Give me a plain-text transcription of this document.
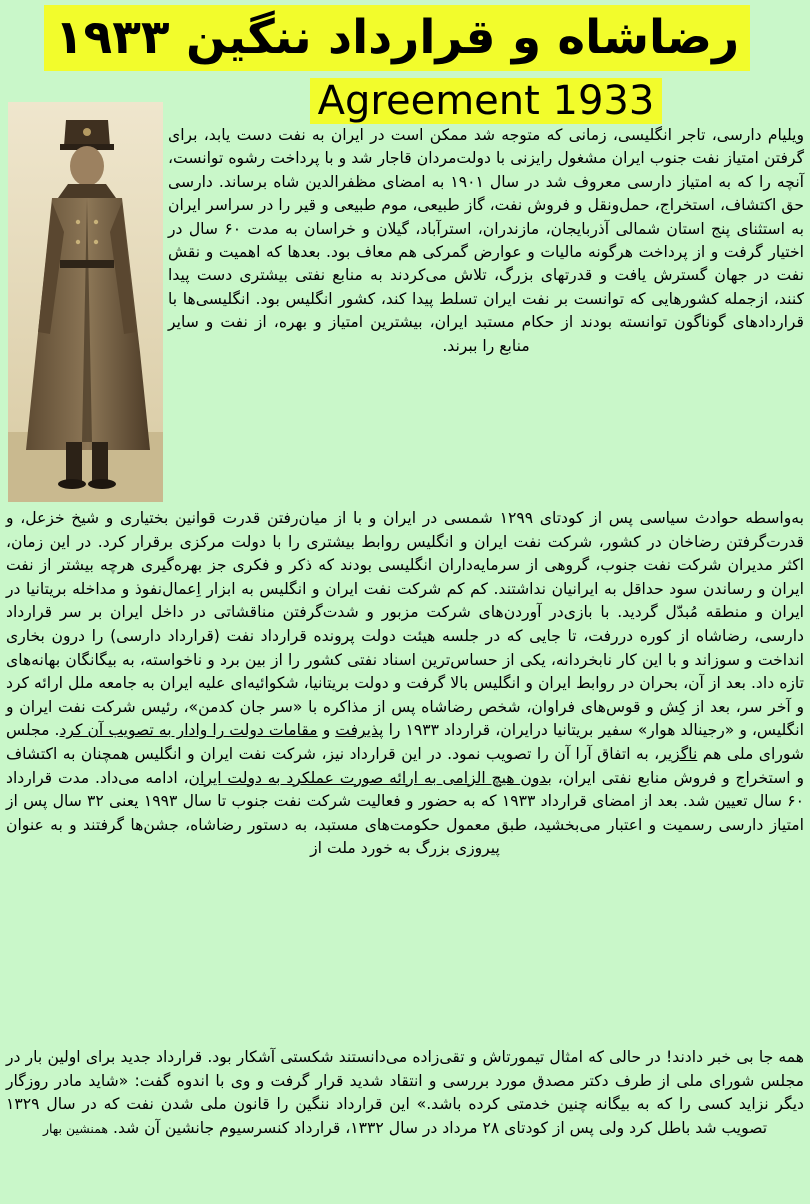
رضاشاه و قرارداد ننگین ۱۹۳۳
Agreement 1933
ویلیام دارسی، تاجر انگلیسی، زمانی که متوجه شد ممکن است در ایران به نفت دست یابد، برای گرفتن امتیاز نفت جنوب ایران مشغول رایزنی با دولت‌مردان قاجار شد و با پرداخت رشوه توانست، آنچه را که به امتیاز دارسی معروف شد در سال ۱۹۰۱ به امضای مظفرالدین شاه برساند. دارسی حق اکتشاف، استخراج، حمل‌ونقل و فروش نفت، گاز طبیعی، موم طبیعی و قیر را در سراسر ایران به استثنای پنج استان شمالی آذربایجان، مازندران، استرآباد، گیلان و خراسان به مدت ۶۰ سال در اختیار گرفت و از پرداخت هرگونه مالیات و عوارض گمرکی هم معاف بود. بعدها که اهمیت و نقش نفت در جهان گسترش یافت و قدرتهای بزرگ، تلاش می‌کردند به منابع نفتی بیشتری دست پیدا کنند، ازجمله کشورهایی که توانست بر نفت ایران تسلط پیدا کند، کشور انگلیس بود. انگلیسی‌ها با قراردادهای گوناگون توانسته بودند از حکام مستبد ایران، بیشترین امتیاز و بهره، از نفت و سایر منابع را ببرند.
به‌واسطه حوادث سیاسی پس از کودتای ۱۲۹۹ شمسی در ایران و با از میان‌رفتن قدرت قوانین بختیاری و شیخ خزعل، و قدرت‌گرفتن رضاخان در کشور، شرکت نفت ایران و انگلیس روابط بیشتری را با دولت مرکزی برقرار کرد. در این زمان، اکثر مدیران شرکت نفت جنوب، گروهی از سرمایه‌داران انگلیسی بودند که ذکر و فکری جز بهره‌گیری هرچه بیشتر از نفت ایران و رساندن سود حداقل به ایرانیان نداشتند. کم کم شرکت نفت ایران و انگلیس به ابزار اِعمال‌نفوذ و مداخله بریتانیا در ایران و منطقه مُبدّل گردید. با بازی‌در آوردن‌های شرکت مزبور و شدت‌گرفتن مناقشاتی در داخل ایران بر سر قرارداد دارسی، رضاشاه از کوره دررفت، تا جایی که در جلسه هیئت دولت پرونده قرارداد نفت (قرارداد دارسی) را درون بخاری انداخت و سوزاند و با این کار نابخردانه، یکی از حساس‌ترین اسناد نفتی کشور را از بین برد و ناخواسته، به بیگانگان بهانه‌های تازه داد. بعد از آن، بحران در روابط ایران و انگلیس بالا گرفت و دولت بریتانیا، شکوائیه‌ای علیه ایران به جامعه ملل ارائه کرد و آخر سر، بعد از کِش و قوس‌های فراوان، شخص رضاشاه پس از مذاکره با «سر جان کدمن»، رئیس شرکت نفت ایران و انگلیس، و «رجینالد هوار» سفیر بریتانیا درایران، قرارداد ۱۹۳۳ را پذیرفت و مقامات دولت را وادار به تصویب آن کرد. مجلس شورای ملی هم ناگزیر، به اتفاق آرا آن را تصویب نمود. در این قرارداد نیز، شرکت نفت ایران و انگلیس همچنان به اکتشاف و استخراج و فروش منابع نفتی ایران، بدون هیچ الزامی به ارائه صورت عملکرد به دولت ایران، ادامه می‌داد. مدت قرارداد ۶۰ سال تعیین شد. بعد از امضای قرارداد ۱۹۳۳ که به حضور و فعالیت شرکت نفت جنوب تا سال ۱۹۹۳ یعنی ۳۲ سال پس از امتیاز دارسی رسمیت و اعتبار می‌بخشید، طبق معمول حکومت‌های مستبد، به دستور رضاشاه، جشن‌ها گرفتند و به عنوان پیروزی بزرگ به خورد ملت از
همه جا بی خبر دادند! در حالی که امثال تیمورتاش و تقی‌زاده می‌دانستند شکستی آشکار بود. قرارداد جدید برای اولین بار در مجلس شورای ملی از طرف دکتر مصدق مورد بررسی و انتقاد شدید قرار گرفت و وی با اندوه گفت: «شاید مادر روزگار دیگر نزاید کسی را که به بیگانه چنین خدمتی کرده باشد.» این قرارداد ننگین را قانون ملی شدن نفت که در سال ۱۳۲۹ تصویب شد باطل کرد ولی پس از کودتای ۲۸ مرداد در سال ۱۳۳۲، قرارداد کنسرسیوم جانشین آن شد. همنشین بهار
